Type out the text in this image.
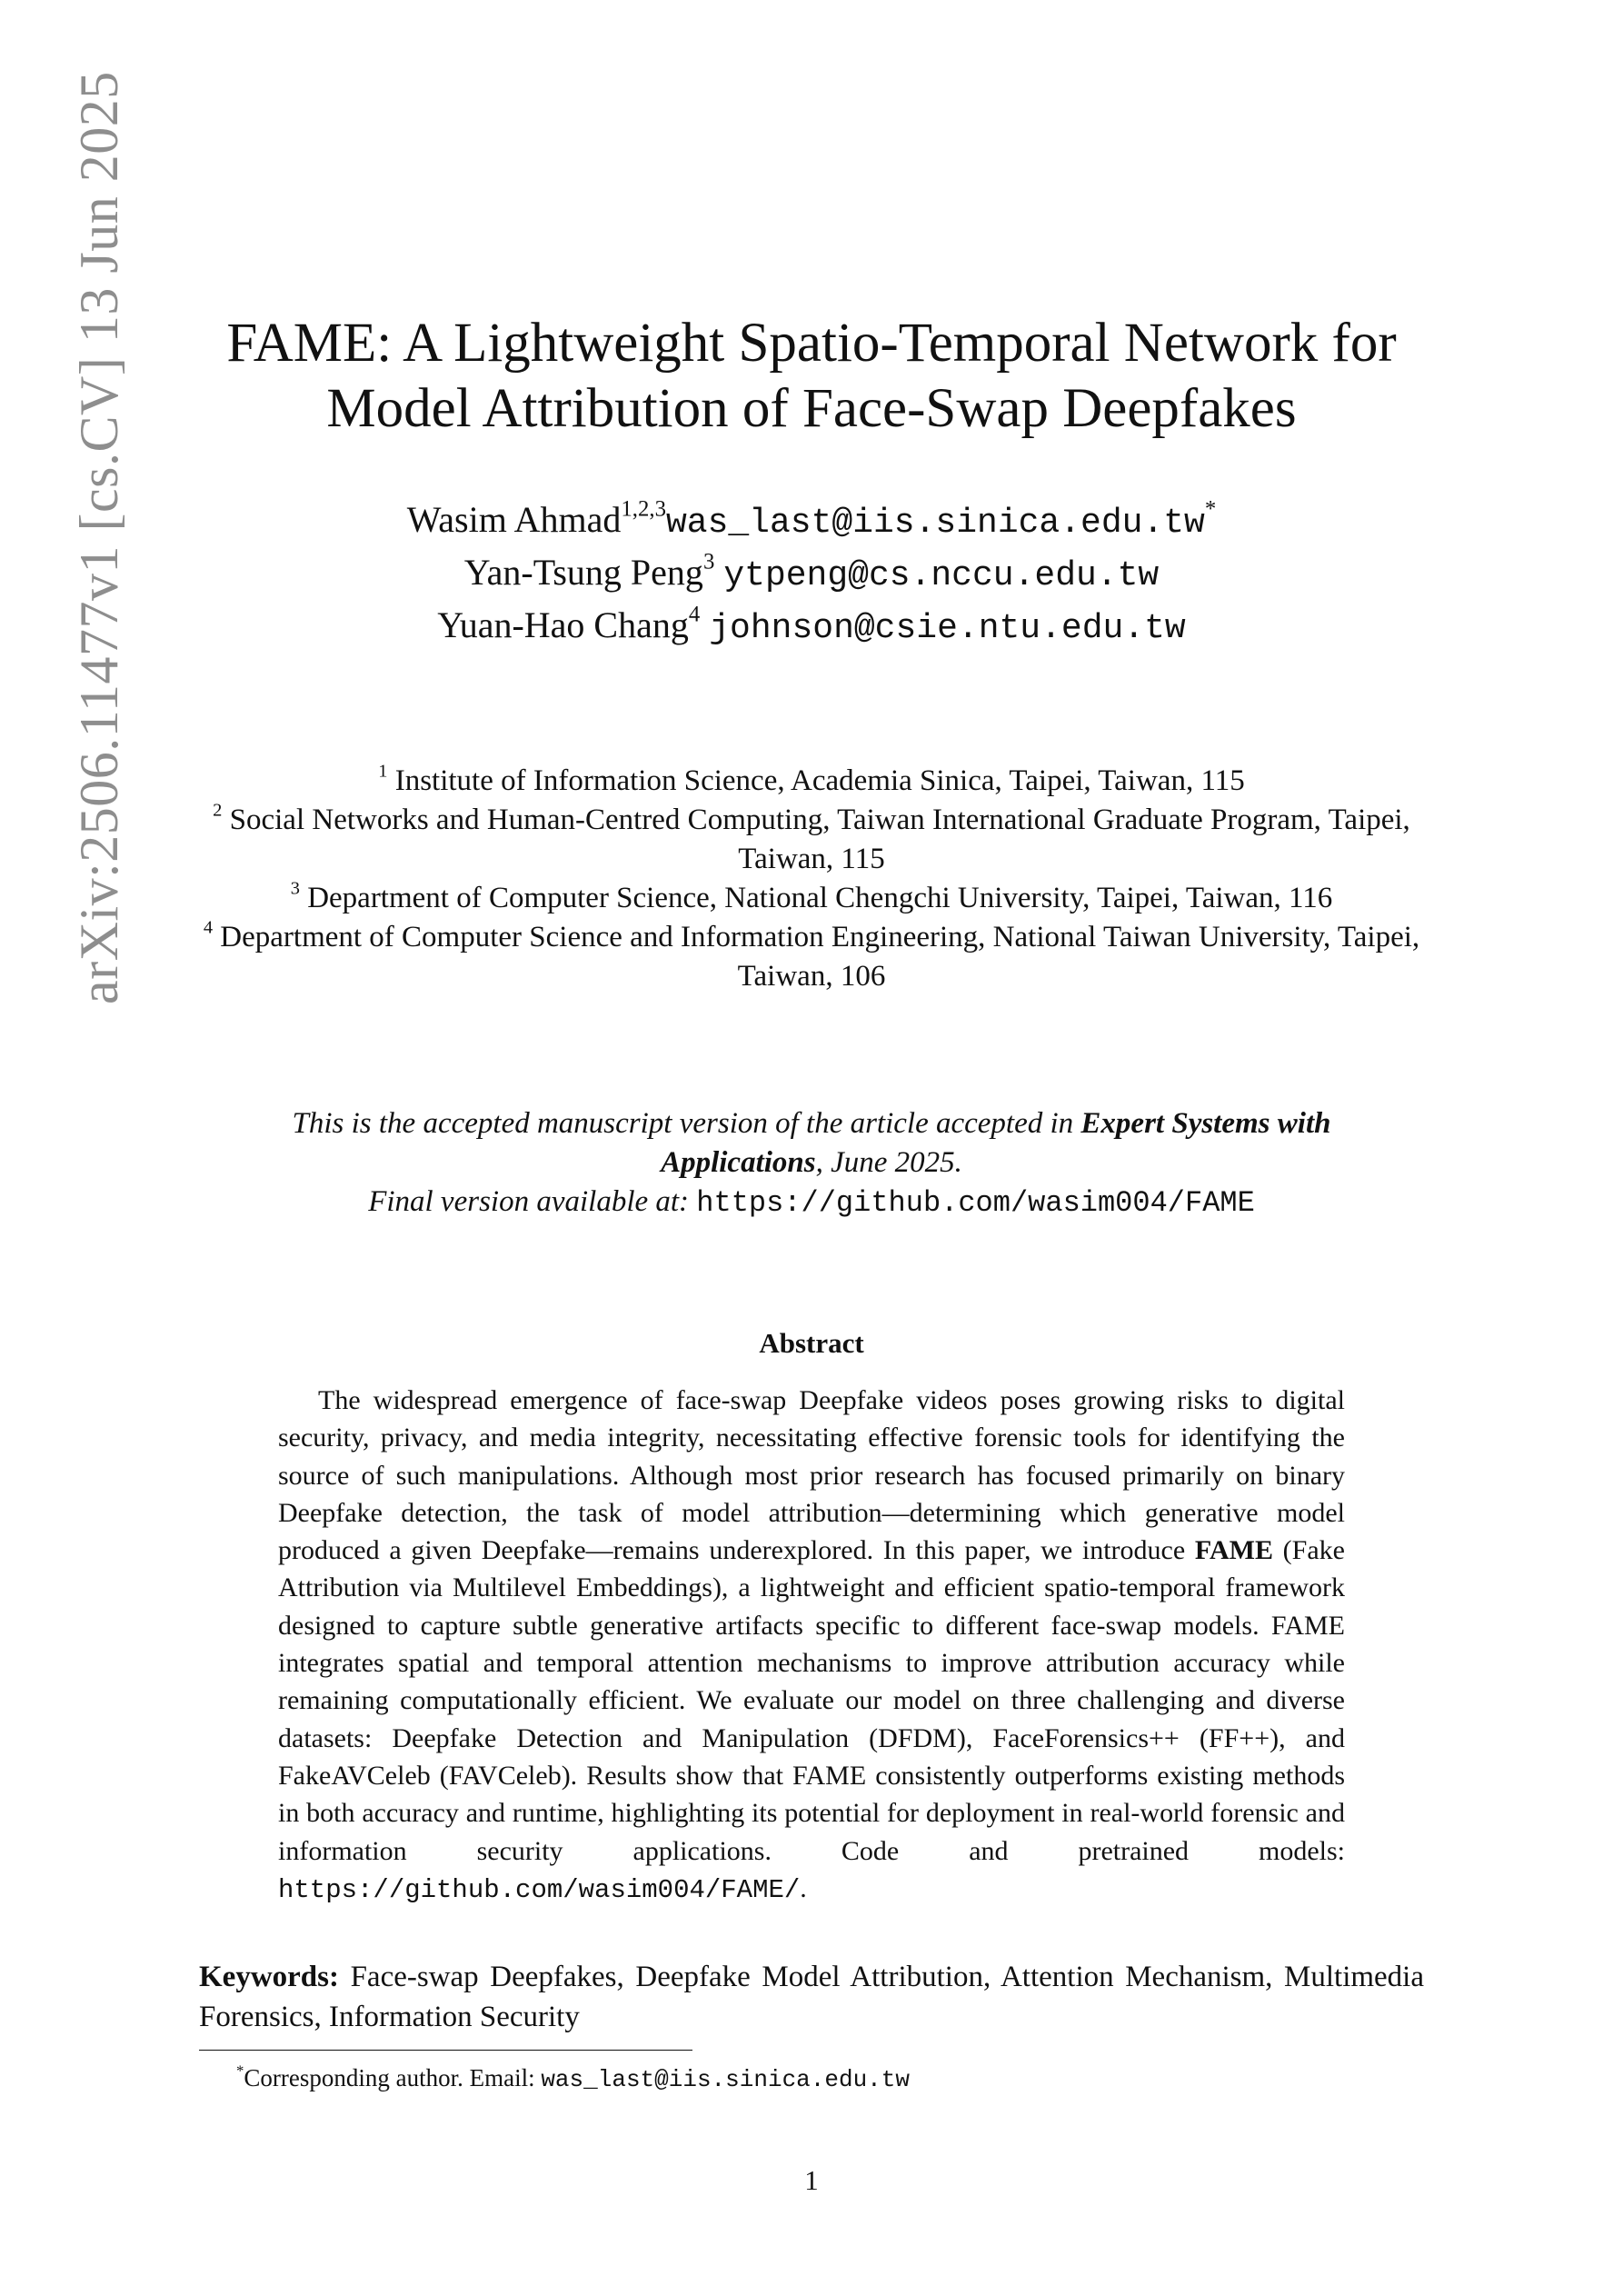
arXiv:2506.11477v1 [cs.CV] 13 Jun 2025	FAME: A Lightweight Spatio-Temporal Network for
Model Attribution of Face-Swap Deepfakes
Wasim Ahmad$^{1,2,3}$was_last@iis.sinica.edu.tw*
Yan-Tsung Peng$^3$ ytpeng@cs.nccu.edu.tw
Yuan-Hao Chang$^4$ johnson@csie.ntu.edu.tw
$^1$ Institute of Information Science, Academia Sinica, Taipei, Taiwan, 115
$^2$ Social Networks and Human-Centred Computing, Taiwan International Graduate Program, Taipei, Taiwan, 115
$^3$ Department of Computer Science, National Chengchi University, Taipei, Taiwan, 116
$^4$ Department of Computer Science and Information Engineering, National Taiwan University, Taipei, Taiwan, 106
This is the accepted manuscript version of the article accepted in Expert Systems with Applications, June 2025.
Final version available at: https://github.com/wasim004/FAME
Abstract
The widespread emergence of face-swap Deepfake videos poses growing risks to digital security, privacy, and media integrity, necessitating effective forensic tools for identifying the source of such manipulations. Although most prior research has focused primarily on binary Deepfake detection, the task of model attribution—determining which generative model produced a given Deepfake—remains underexplored. In this paper, we introduce FAME (Fake Attribution via Multilevel Embeddings), a lightweight and efficient spatio-temporal framework designed to capture subtle generative artifacts specific to different face-swap models. FAME integrates spatial and temporal attention mechanisms to improve attribution accuracy while remaining computationally efficient. We evaluate our model on three challenging and diverse datasets: Deepfake Detection and Manipulation (DFDM), FaceForensics++ (FF++), and FakeAVCeleb (FAVCeleb). Results show that FAME consistently outperforms existing methods in both accuracy and runtime, highlighting its potential for deployment in real-world forensic and information security applications. Code and pretrained models: https://github.com/wasim004/FAME/.
Keywords: Face-swap Deepfakes, Deepfake Model Attribution, Attention Mechanism, Multimedia Forensics, Information Security
*Corresponding author. Email: was_last@iis.sinica.edu.tw
1
